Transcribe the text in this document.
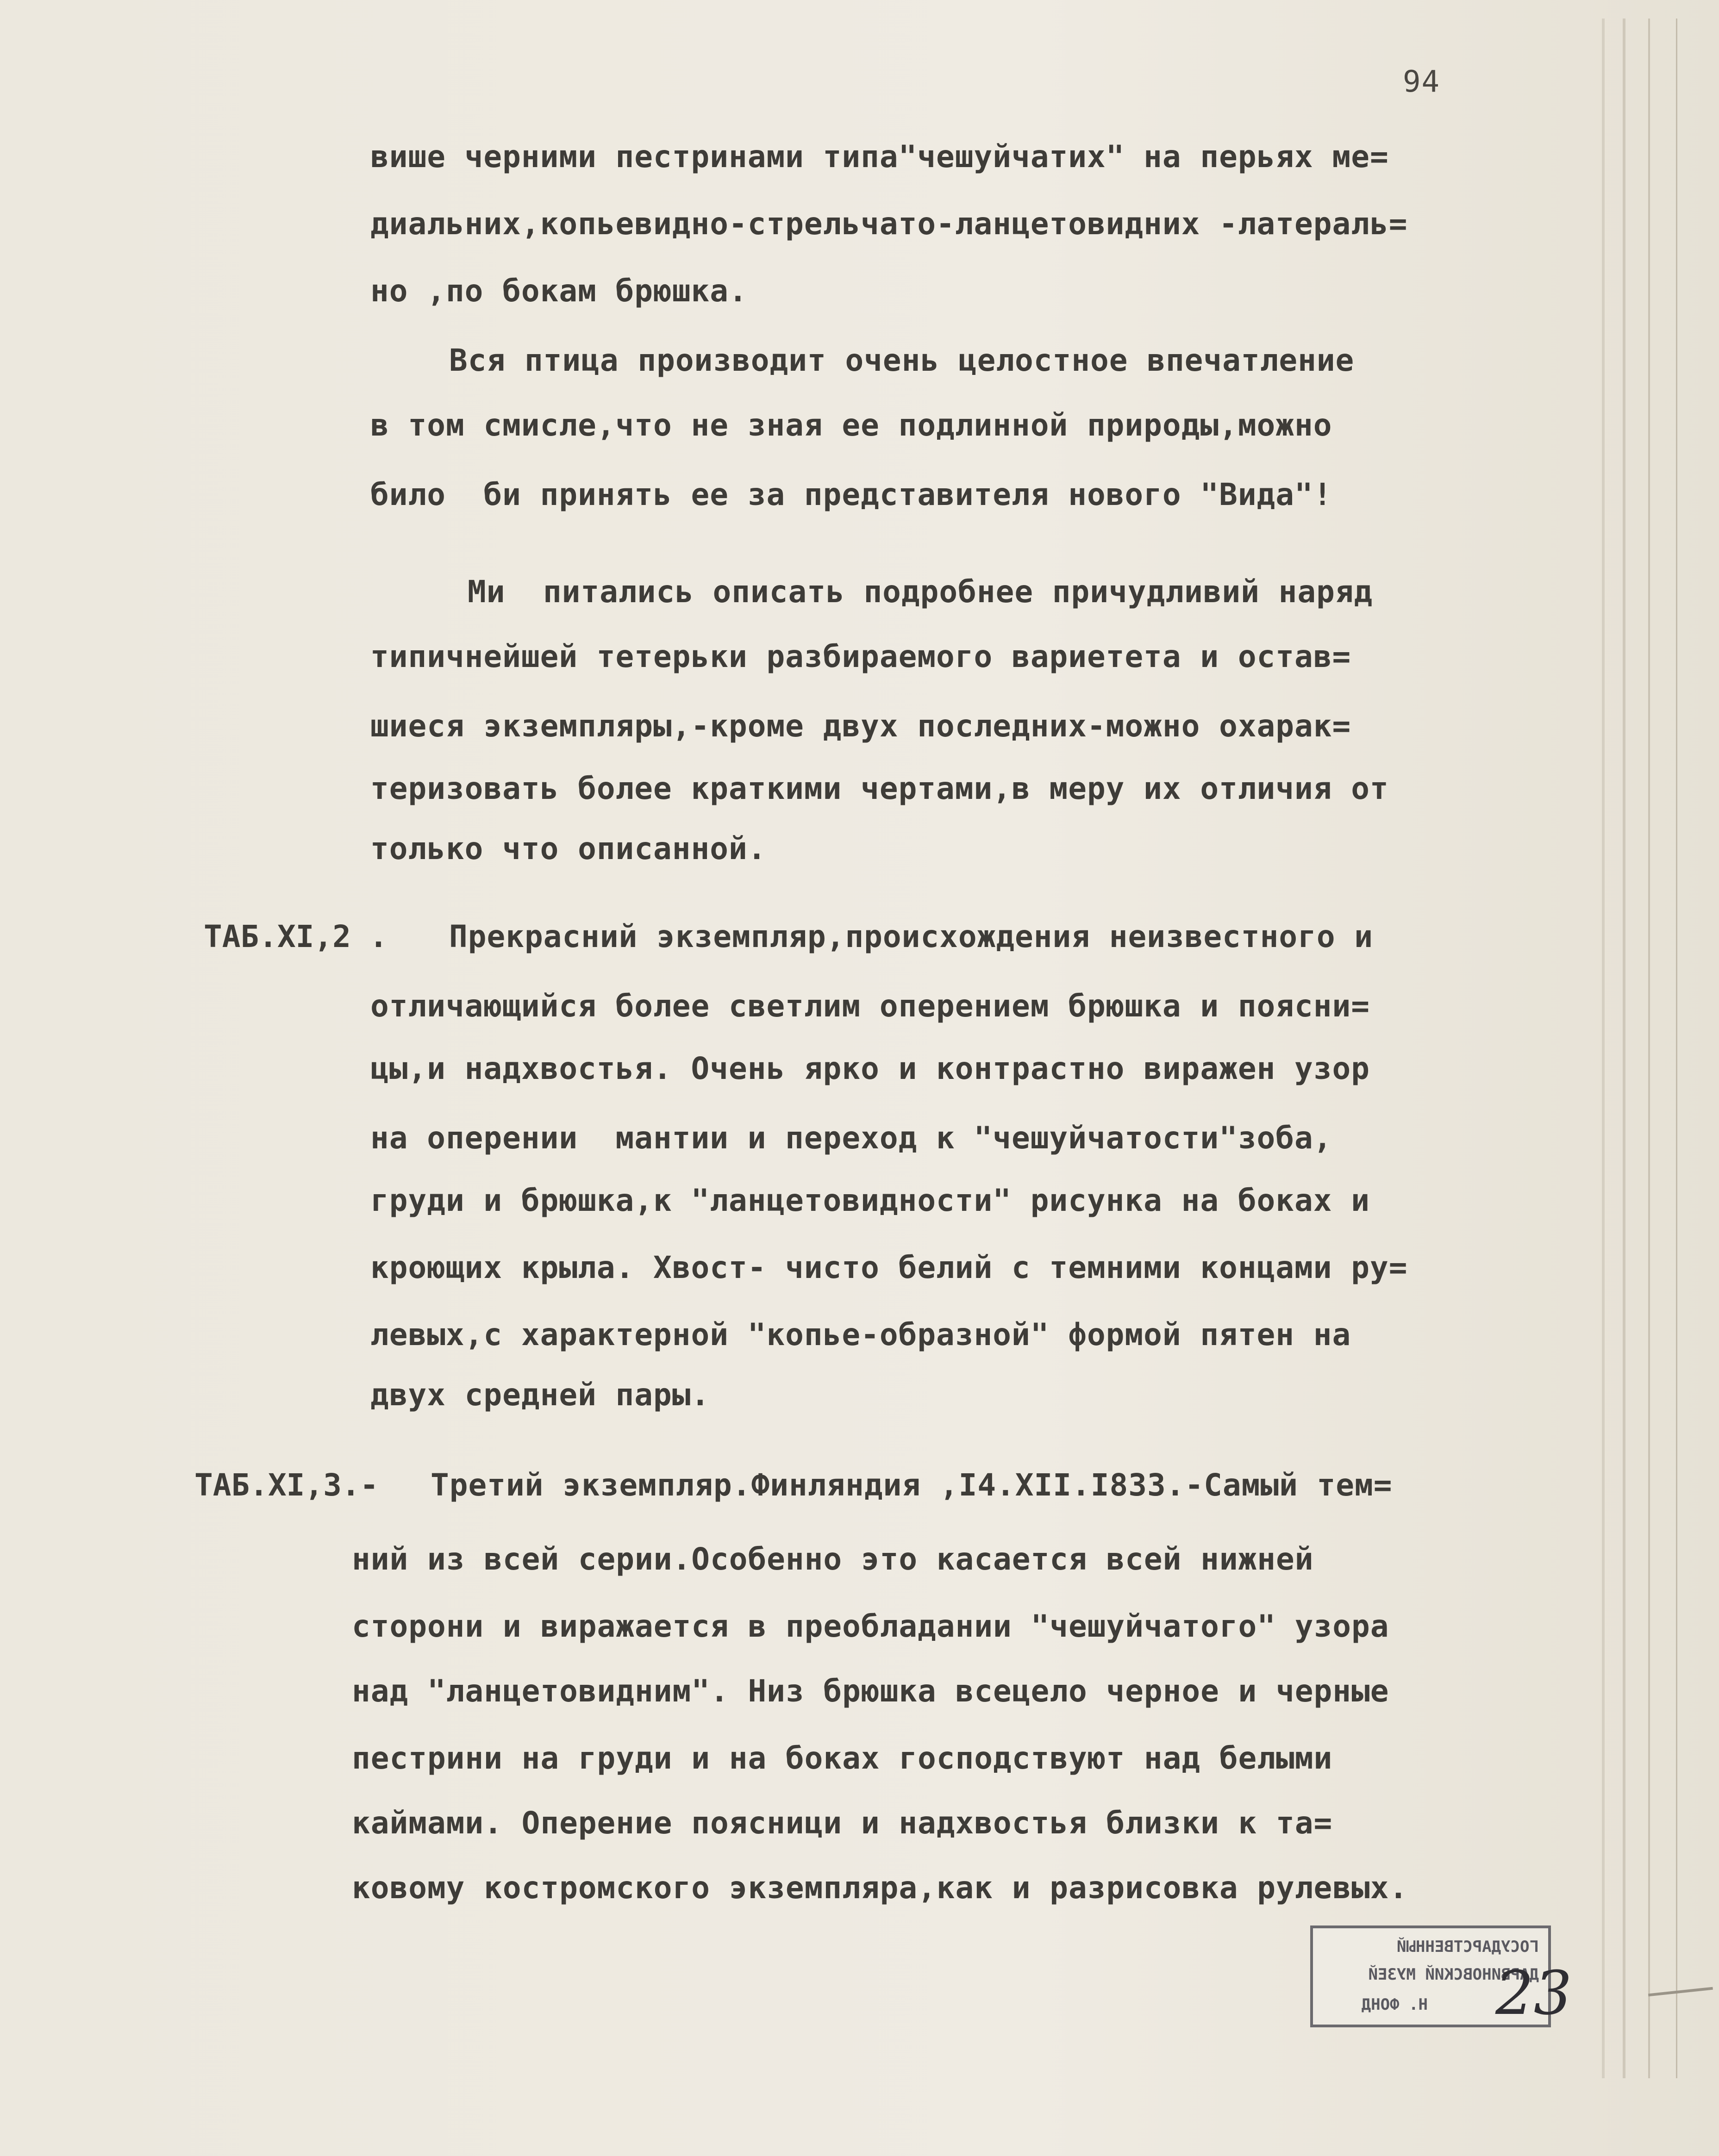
94
више черними пестринами типа"чешуйчатих" на перьях ме=
диальних,копьевидно-стрельчато-ланцетовидних -латераль=
но ,по бокам брюшка.
Вся птица производит очень целостное впечатление
в том смисле,что не зная ее подлинной природы,можно
било  би принять ее за представителя нового "Вида"!
Ми  питались описать подробнее причудливий наряд
типичнейшей тетерьки разбираемого вариетета и остав=
шиеся экземпляры,-кроме двух последних-можно охарак=
теризовать более краткими чертами,в меру их отличия от
только что описанной.
ТАБ.XI,2 . Прекрасний экземпляр,происхождения неизвестного и
отличающийся более светлим оперением брюшка и поясни=
цы,и надхвостья. Очень ярко и контрастно виражен узор
на оперении  мантии и переход к "чешуйчатости"зоба,
груди и брюшка,к "ланцетовидности" рисунка на боках и
кроющих крыла. Хвост- чисто белий с темними концами ру=
левых,с характерной "копье-образной" формой пятен на
двух средней пары.
ТАБ.XI,3.- Третий экземпляр.Финляндия ,I4.XII.I833.-Самый тем=
ний из всей серии.Особенно это касается всей нижней
сторони и виражается в преобладании "чешуйчатого" узора
над "ланцетовидним". Низ брюшка всецело черное и черные
пестрини на груди и на боках господствуют над белыми
каймами. Оперение поясници и надхвостья близки к та=
ковому костромского экземпляра,как и разрисовка рулевых.
ГОСУДАРСТВЕННЫЙ
ДАРВИНОВСКИЙ МУЗЕЙ
Н. ФОНД 23
